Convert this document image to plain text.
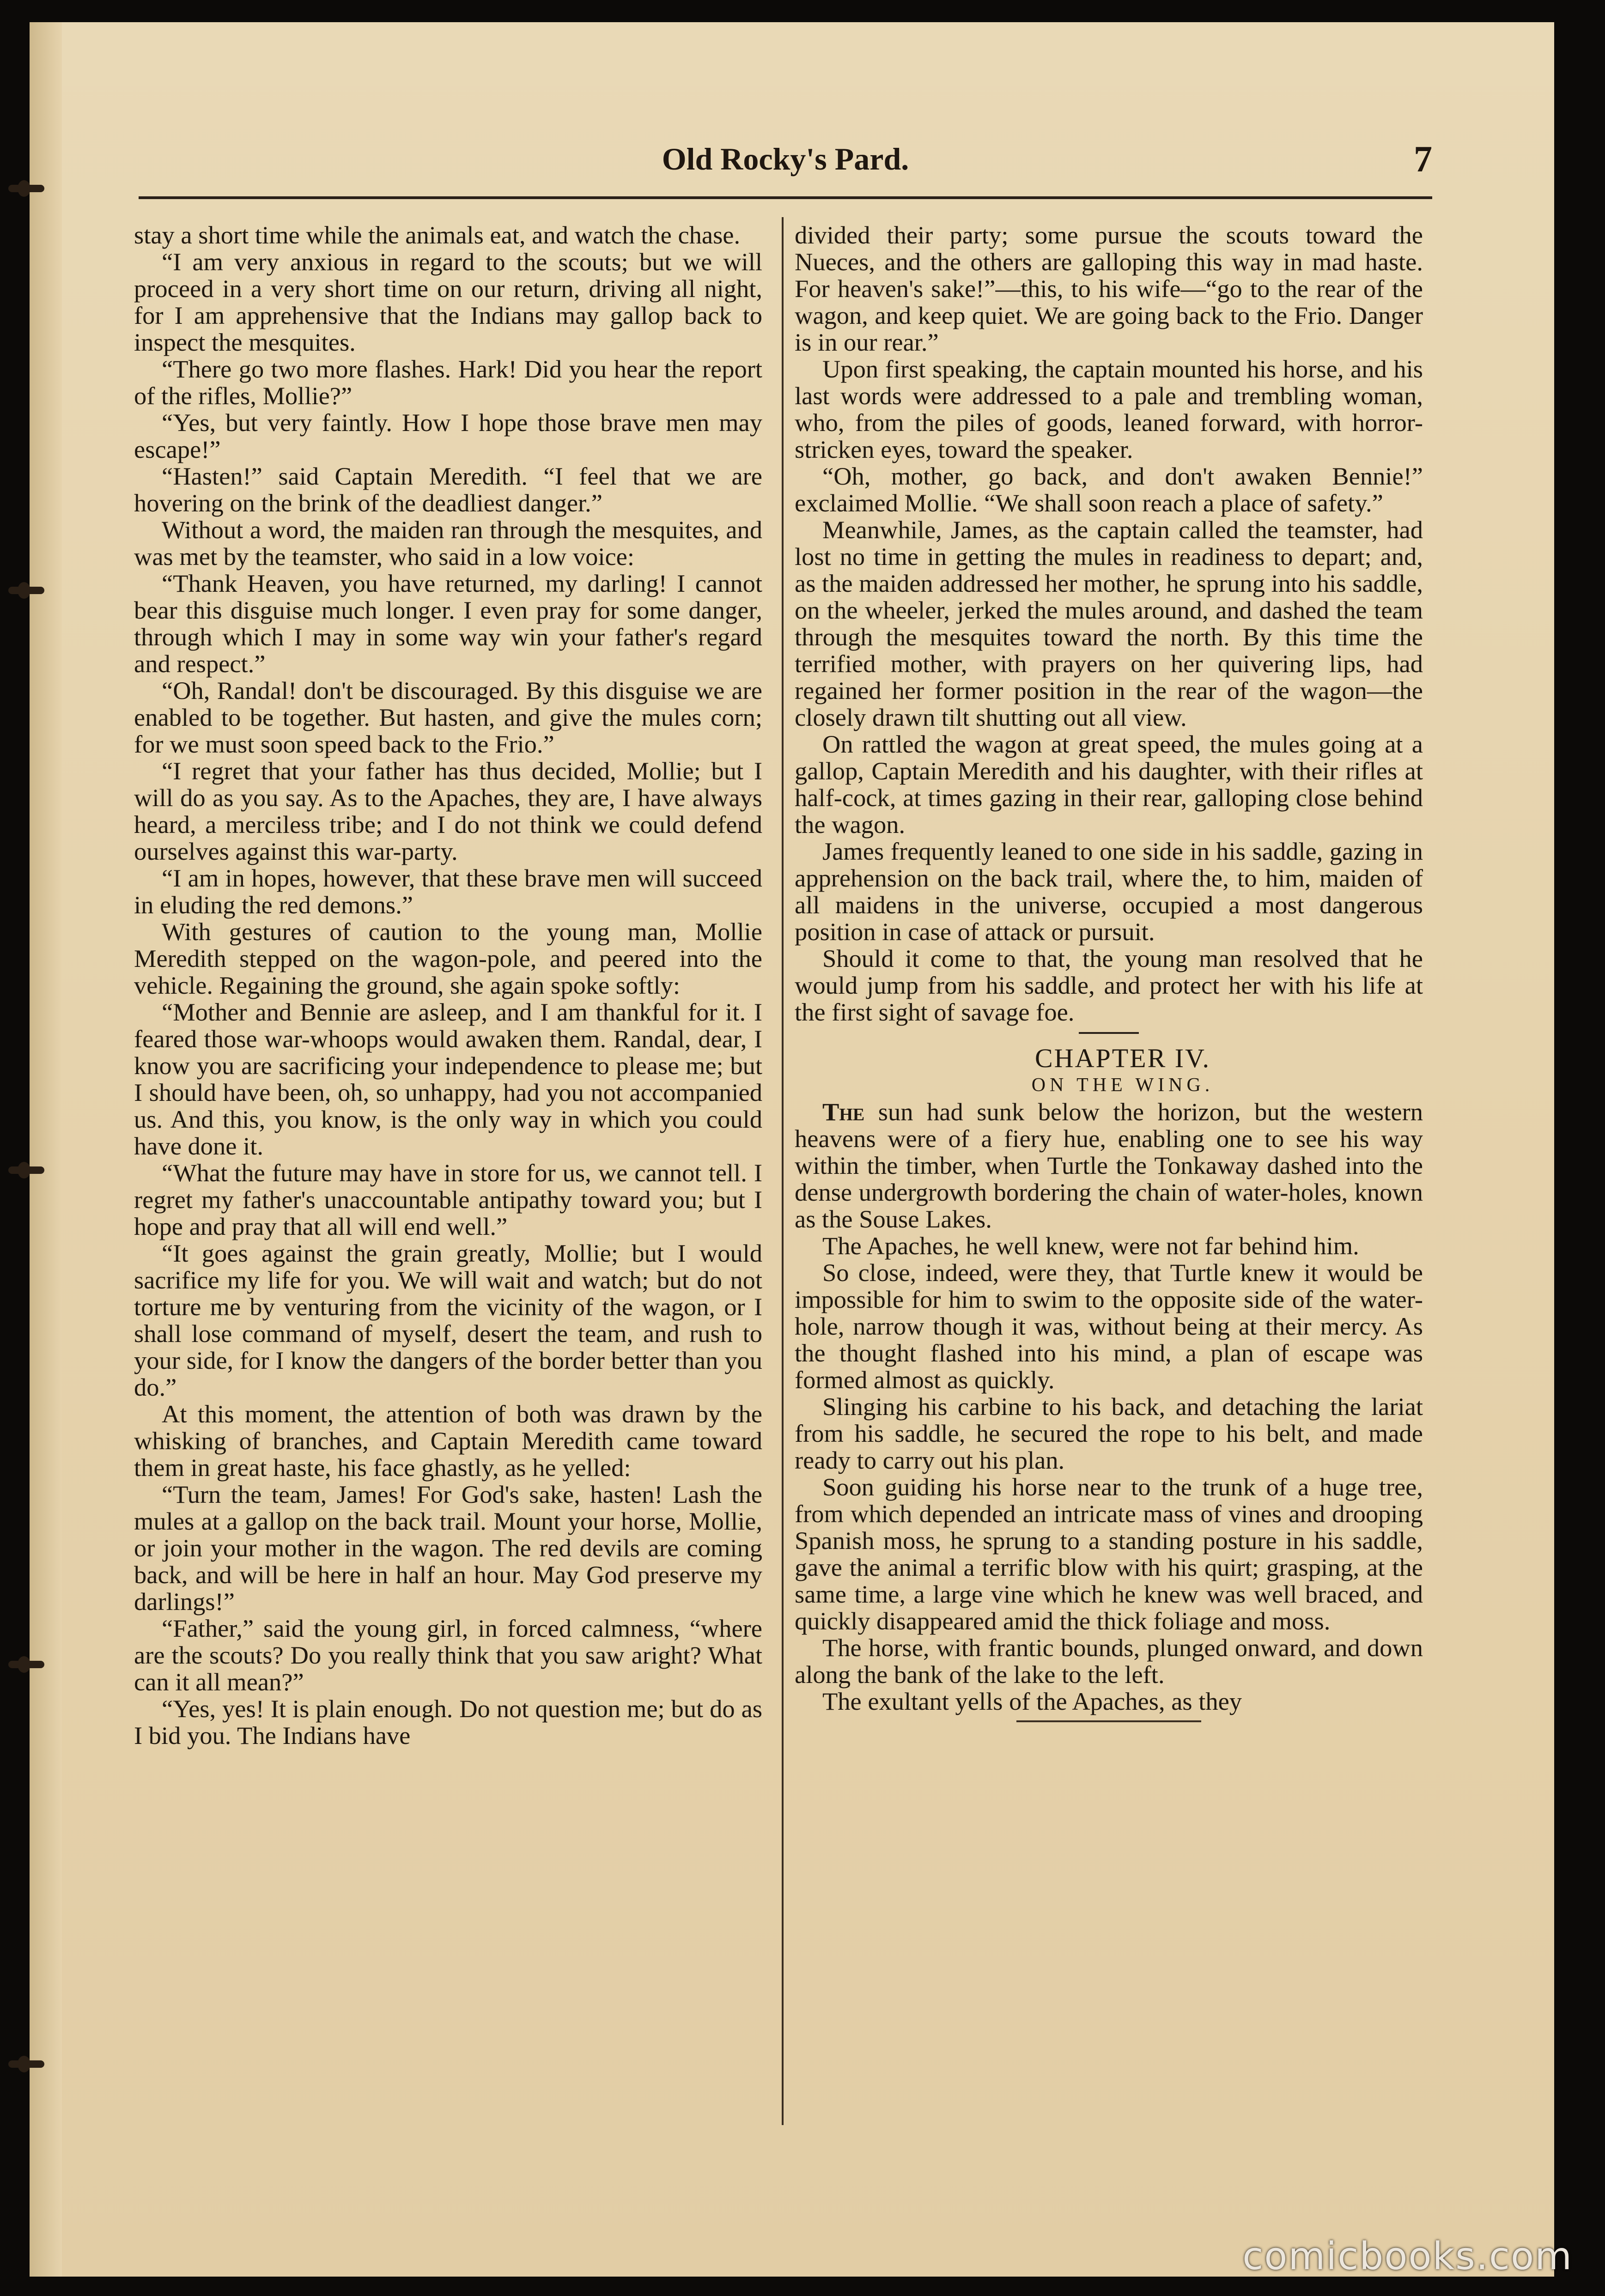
Old Rocky's Pard.	7

stay a short time while the animals eat, and watch the chase.

“I am very anxious in regard to the scouts; but we will proceed in a very short time on our return, driving all night, for I am apprehensive that the Indians may gallop back to inspect the mesquites.

“There go two more flashes. Hark! Did you hear the report of the rifles, Mollie?”

“Yes, but very faintly. How I hope those brave men may escape!”

“Hasten!” said Captain Meredith. “I feel that we are hovering on the brink of the deadliest danger.”

Without a word, the maiden ran through the mesquites, and was met by the teamster, who said in a low voice:

“Thank Heaven, you have returned, my darling! I cannot bear this disguise much longer. I even pray for some danger, through which I may in some way win your father's regard and respect.”

“Oh, Randal! don't be discouraged. By this disguise we are enabled to be together. But hasten, and give the mules corn; for we must soon speed back to the Frio.”

“I regret that your father has thus decided, Mollie; but I will do as you say. As to the Apaches, they are, I have always heard, a merciless tribe; and I do not think we could defend ourselves against this war-party.

“I am in hopes, however, that these brave men will succeed in eluding the red demons.”

With gestures of caution to the young man, Mollie Meredith stepped on the wagon-pole, and peered into the vehicle. Regaining the ground, she again spoke softly:

“Mother and Bennie are asleep, and I am thankful for it. I feared those war-whoops would awaken them. Randal, dear, I know you are sacrificing your independence to please me; but I should have been, oh, so unhappy, had you not accompanied us. And this, you know, is the only way in which you could have done it.

“What the future may have in store for us, we cannot tell. I regret my father's unaccountable antipathy toward you; but I hope and pray that all will end well.”

“It goes against the grain greatly, Mollie; but I would sacrifice my life for you. We will wait and watch; but do not torture me by venturing from the vicinity of the wagon, or I shall lose command of myself, desert the team, and rush to your side, for I know the dangers of the border better than you do.”

At this moment, the attention of both was drawn by the whisking of branches, and Captain Meredith came toward them in great haste, his face ghastly, as he yelled:

“Turn the team, James! For God's sake, hasten! Lash the mules at a gallop on the back trail. Mount your horse, Mollie, or join your mother in the wagon. The red devils are coming back, and will be here in half an hour. May God preserve my darlings!”

“Father,” said the young girl, in forced calmness, “where are the scouts? Do you really think that you saw aright? What can it all mean?”

“Yes, yes! It is plain enough. Do not question me; but do as I bid you. The Indians have

divided their party; some pursue the scouts toward the Nueces, and the others are galloping this way in mad haste. For heaven's sake!”—this, to his wife—“go to the rear of the wagon, and keep quiet. We are going back to the Frio. Danger is in our rear.”

Upon first speaking, the captain mounted his horse, and his last words were addressed to a pale and trembling woman, who, from the piles of goods, leaned forward, with horror-stricken eyes, toward the speaker.

“Oh, mother, go back, and don't awaken Bennie!” exclaimed Mollie. “We shall soon reach a place of safety.”

Meanwhile, James, as the captain called the teamster, had lost no time in getting the mules in readiness to depart; and, as the maiden addressed her mother, he sprung into his saddle, on the wheeler, jerked the mules around, and dashed the team through the mesquites toward the north. By this time the terrified mother, with prayers on her quivering lips, had regained her former position in the rear of the wagon—the closely drawn tilt shutting out all view.

On rattled the wagon at great speed, the mules going at a gallop, Captain Meredith and his daughter, with their rifles at half-cock, at times gazing in their rear, galloping close behind the wagon.

James frequently leaned to one side in his saddle, gazing in apprehension on the back trail, where the, to him, maiden of all maidens in the universe, occupied a most dangerous position in case of attack or pursuit.

Should it come to that, the young man resolved that he would jump from his saddle, and protect her with his life at the first sight of savage foe.

CHAPTER IV.

ON THE WING.

The sun had sunk below the horizon, but the western heavens were of a fiery hue, enabling one to see his way within the timber, when Turtle the Tonkaway dashed into the dense undergrowth bordering the chain of water-holes, known as the Souse Lakes.

The Apaches, he well knew, were not far behind him.

So close, indeed, were they, that Turtle knew it would be impossible for him to swim to the opposite side of the water-hole, narrow though it was, without being at their mercy. As the thought flashed into his mind, a plan of escape was formed almost as quickly.

Slinging his carbine to his back, and detaching the lariat from his saddle, he secured the rope to his belt, and made ready to carry out his plan.

Soon guiding his horse near to the trunk of a huge tree, from which depended an intricate mass of vines and drooping Spanish moss, he sprung to a standing posture in his saddle, gave the animal a terrific blow with his quirt; grasping, at the same time, a large vine which he knew was well braced, and quickly disappeared amid the thick foliage and moss.

The horse, with frantic bounds, plunged onward, and down along the bank of the lake to the left.

The exultant yells of the Apaches, as they

comicbooks.com
